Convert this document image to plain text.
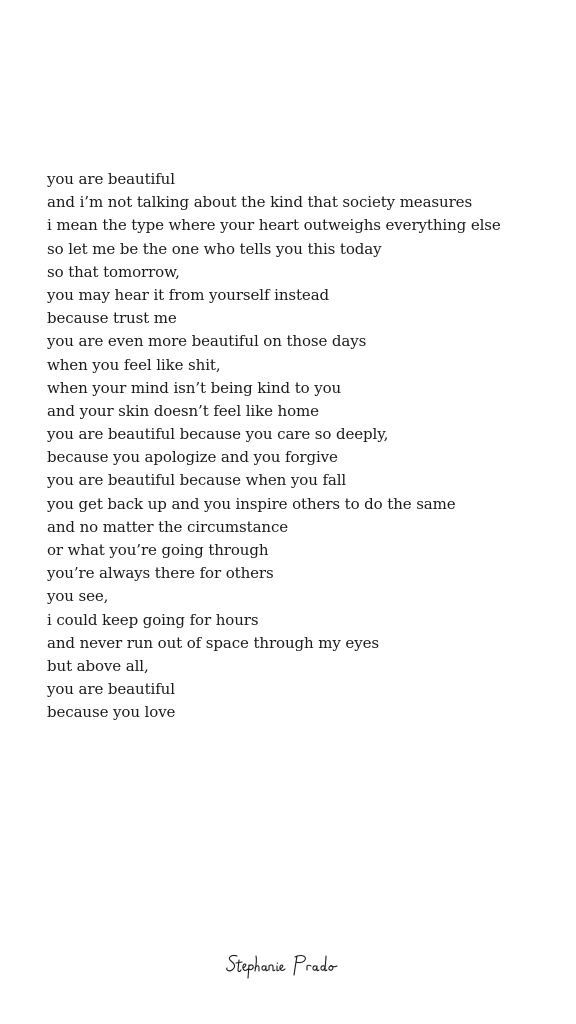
you are beautiful
and i’m not talking about the kind that society measures
i mean the type where your heart outweighs everything else
so let me be the one who tells you this today
so that tomorrow,
you may hear it from yourself instead
because trust me
you are even more beautiful on those days
when you feel like shit,
when your mind isn’t being kind to you
and your skin doesn’t feel like home
you are beautiful because you care so deeply,
because you apologize and you forgive
you are beautiful because when you fall
you get back up and you inspire others to do the same
and no matter the circumstance
or what you’re going through
you’re always there for others
you see,
i could keep going for hours
and never run out of space through my eyes
but above all,
you are beautiful
because you love
